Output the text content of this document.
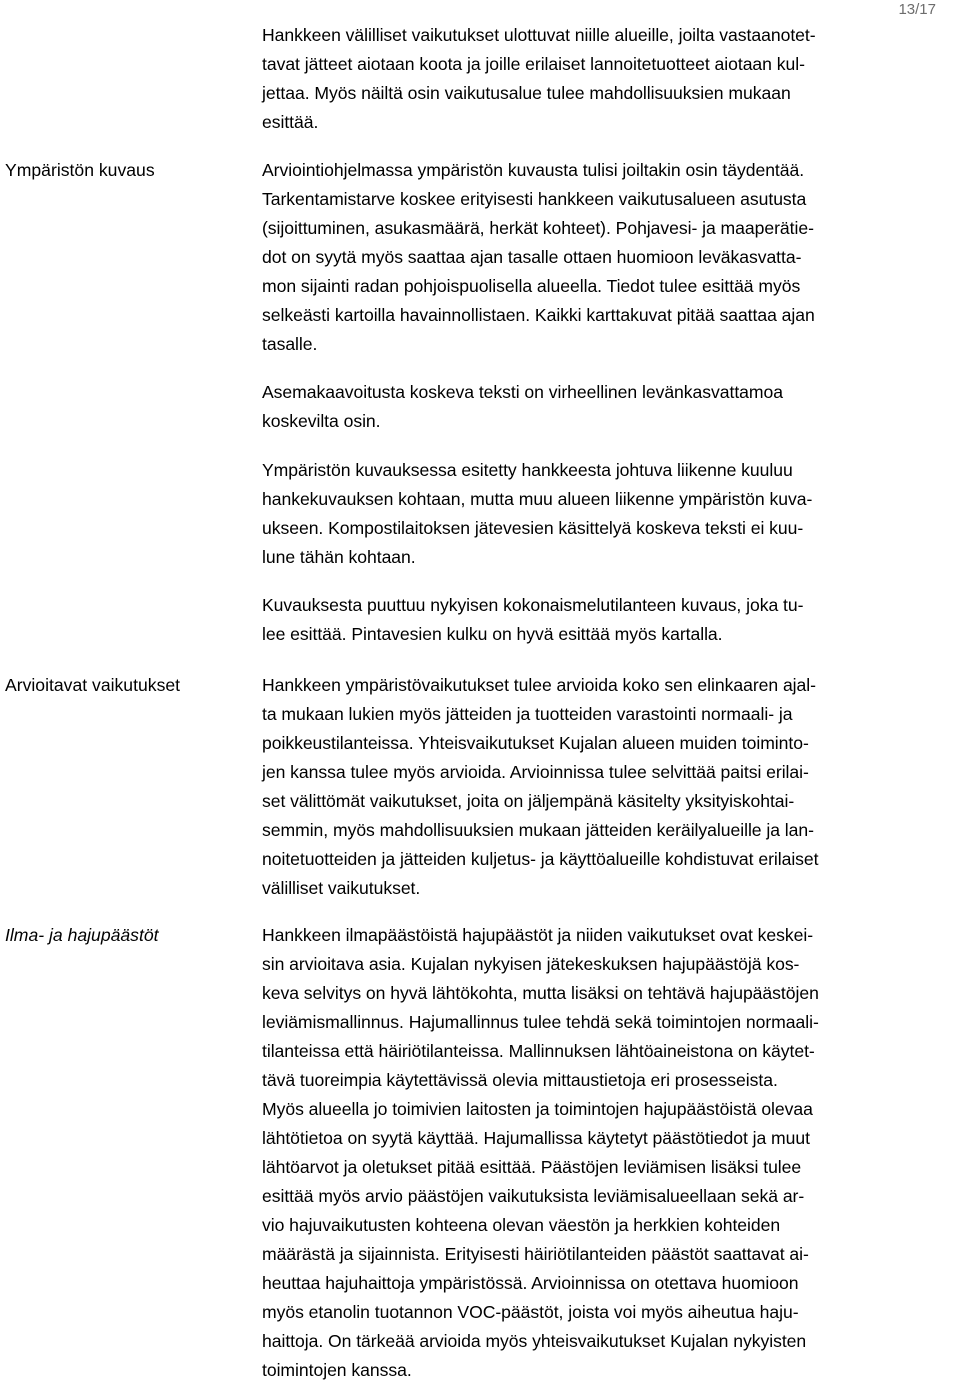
13/17

Hankkeen välilliset vaikutukset ulottuvat niille alueille, joilta vastaanotet-
tavat jätteet aiotaan koota ja joille erilaiset lannoitetuotteet aiotaan kul-
jettaa. Myös näiltä osin vaikutusalue tulee mahdollisuuksien mukaan
esittää.

Ympäristön kuvaus	Arviointiohjelmassa ympäristön kuvausta tulisi joiltakin osin täydentää.
Tarkentamistarve koskee erityisesti hankkeen vaikutusalueen asutusta
(sijoittuminen, asukasmäärä, herkät kohteet). Pohjavesi- ja maaperätie-
dot on syytä myös saattaa ajan tasalle ottaen huomioon leväkasvatta-
mon sijainti radan pohjoispuolisella alueella. Tiedot tulee esittää myös
selkeästi kartoilla havainnollistaen. Kaikki karttakuvat pitää saattaa ajan
tasalle.

Asemakaavoitusta koskeva teksti on virheellinen levänkasvattamoa
koskevilta osin.

Ympäristön kuvauksessa esitetty hankkeesta johtuva liikenne kuuluu
hankekuvauksen kohtaan, mutta muu alueen liikenne ympäristön kuva-
ukseen. Kompostilaitoksen jätevesien käsittelyä koskeva teksti ei kuu-
lune tähän kohtaan.

Kuvauksesta puuttuu nykyisen kokonaismelutilanteen kuvaus, joka tu-
lee esittää. Pintavesien kulku on hyvä esittää myös kartalla.

Arvioitavat vaikutukset	Hankkeen ympäristövaikutukset tulee arvioida koko sen elinkaaren ajal-
ta mukaan lukien myös jätteiden ja tuotteiden varastointi normaali- ja
poikkeustilanteissa. Yhteisvaikutukset Kujalan alueen muiden toiminto-
jen kanssa tulee myös arvioida. Arvioinnissa tulee selvittää paitsi erilai-
set välittömät vaikutukset, joita on jäljempänä käsitelty yksityiskohtai-
semmin, myös mahdollisuuksien mukaan jätteiden keräilyalueille ja lan-
noitetuotteiden ja jätteiden kuljetus- ja käyttöalueille kohdistuvat erilaiset
välilliset vaikutukset.

Ilma- ja hajupäästöt	Hankkeen ilmapäästöistä hajupäästöt ja niiden vaikutukset ovat keskei-
sin arvioitava asia. Kujalan nykyisen jätekeskuksen hajupäästöjä kos-
keva selvitys on hyvä lähtökohta, mutta lisäksi on tehtävä hajupäästöjen
leviämismallinnus. Hajumallinnus tulee tehdä sekä toimintojen normaali-
tilanteissa että häiriötilanteissa. Mallinnuksen lähtöaineistona on käytet-
tävä tuoreimpia käytettävissä olevia mittaustietoja eri prosesseista.
Myös alueella jo toimivien laitosten ja toimintojen hajupäästöistä olevaa
lähtötietoa on syytä käyttää. Hajumallissa käytetyt päästötiedot ja muut
lähtöarvot ja oletukset pitää esittää. Päästöjen leviämisen lisäksi tulee
esittää myös arvio päästöjen vaikutuksista leviämisalueellaan sekä ar-
vio hajuvaikutusten kohteena olevan väestön ja herkkien kohteiden
määrästä ja sijainnista. Erityisesti häiriötilanteiden päästöt saattavat ai-
heuttaa hajuhaittoja ympäristössä. Arvioinnissa on otettava huomioon
myös etanolin tuotannon VOC-päästöt, joista voi myös aiheutua haju-
haittoja. On tärkeää arvioida myös yhteisvaikutukset Kujalan nykyisten
toimintojen kanssa.
